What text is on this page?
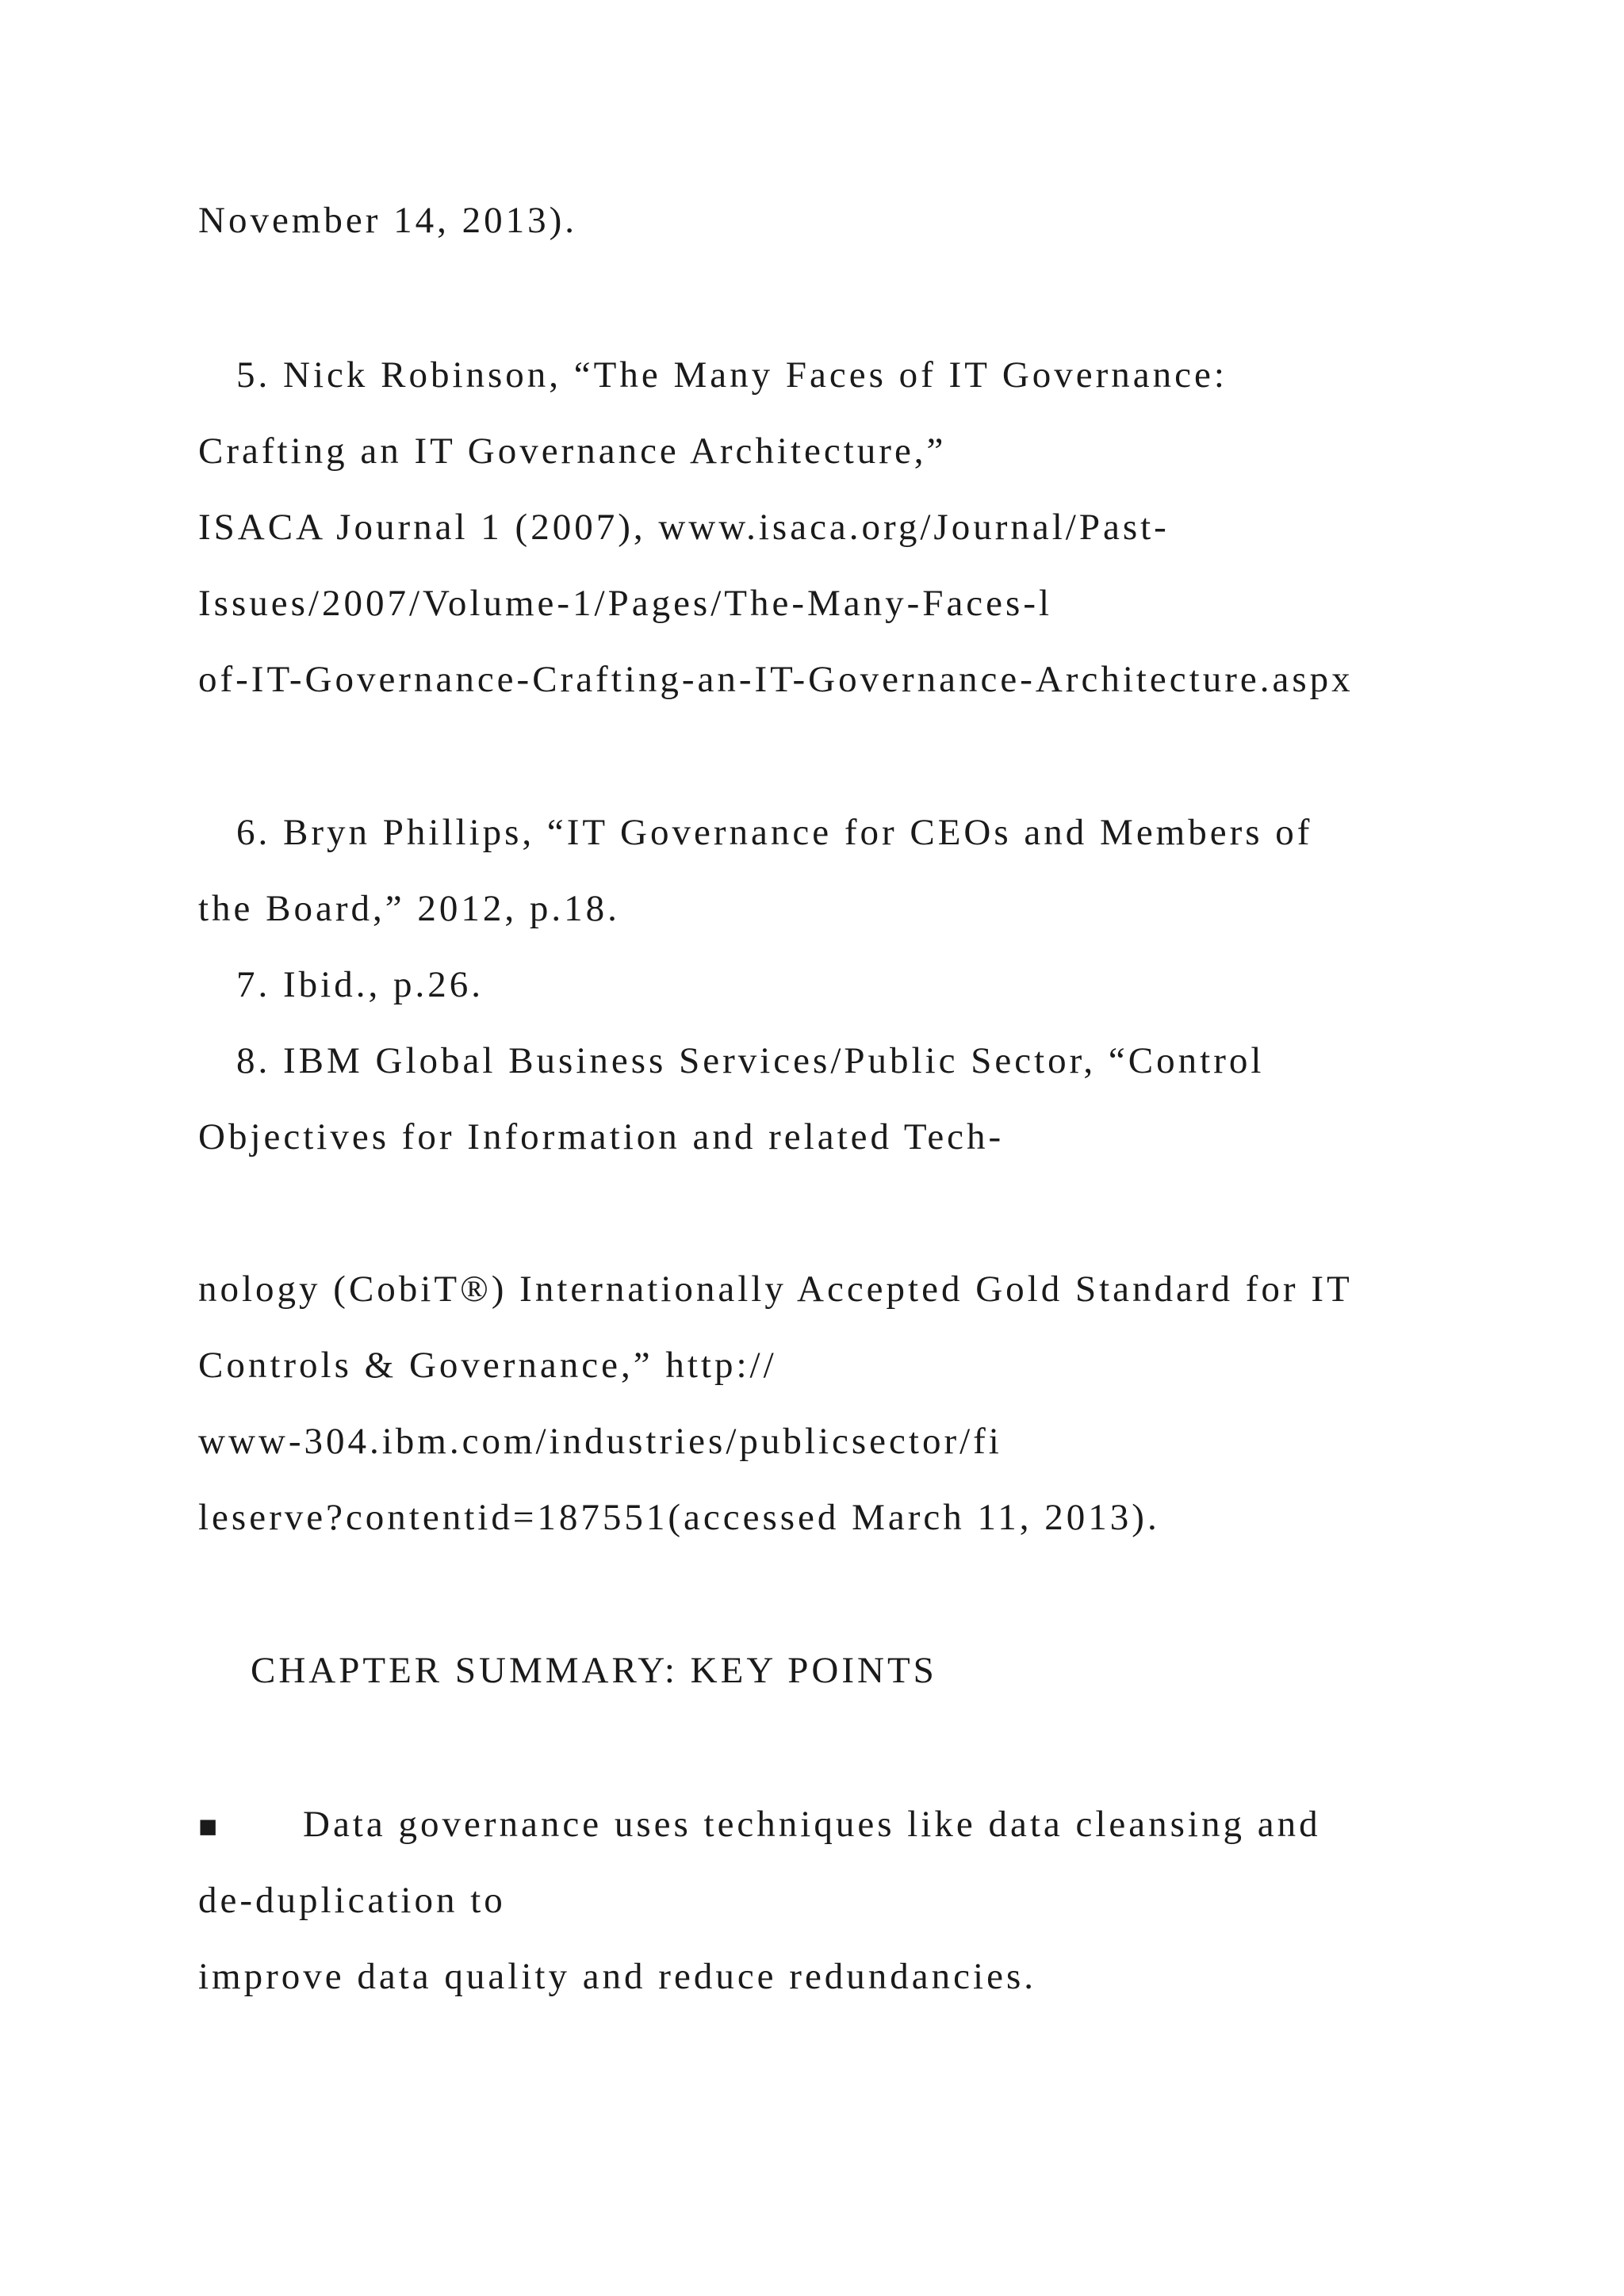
November 14, 2013).
5. Nick Robinson, “The Many Faces of IT Governance:
Crafting an IT Governance Architecture,”
ISACA Journal 1 (2007), www.isaca.org/Journal/Past-
Issues/2007/Volume-1/Pages/The-Many-Faces-l
of-IT-Governance-Crafting-an-IT-Governance-Architecture.aspx
6. Bryn Phillips, “IT Governance for CEOs and Members of
the Board,” 2012, p.18.
7. Ibid., p.26.
8. IBM Global Business Services/Public Sector, “Control
Objectives for Information and related Tech-
nology (CobiT®) Internationally Accepted Gold Standard for IT
Controls & Governance,” http://
www-304.ibm.com/industries/publicsector/fi
leserve?contentid=187551(accessed March 11, 2013).
CHAPTER SUMMARY: KEY POINTS
■ Data governance uses techniques like data cleansing and
de-duplication to
improve data quality and reduce redundancies.
